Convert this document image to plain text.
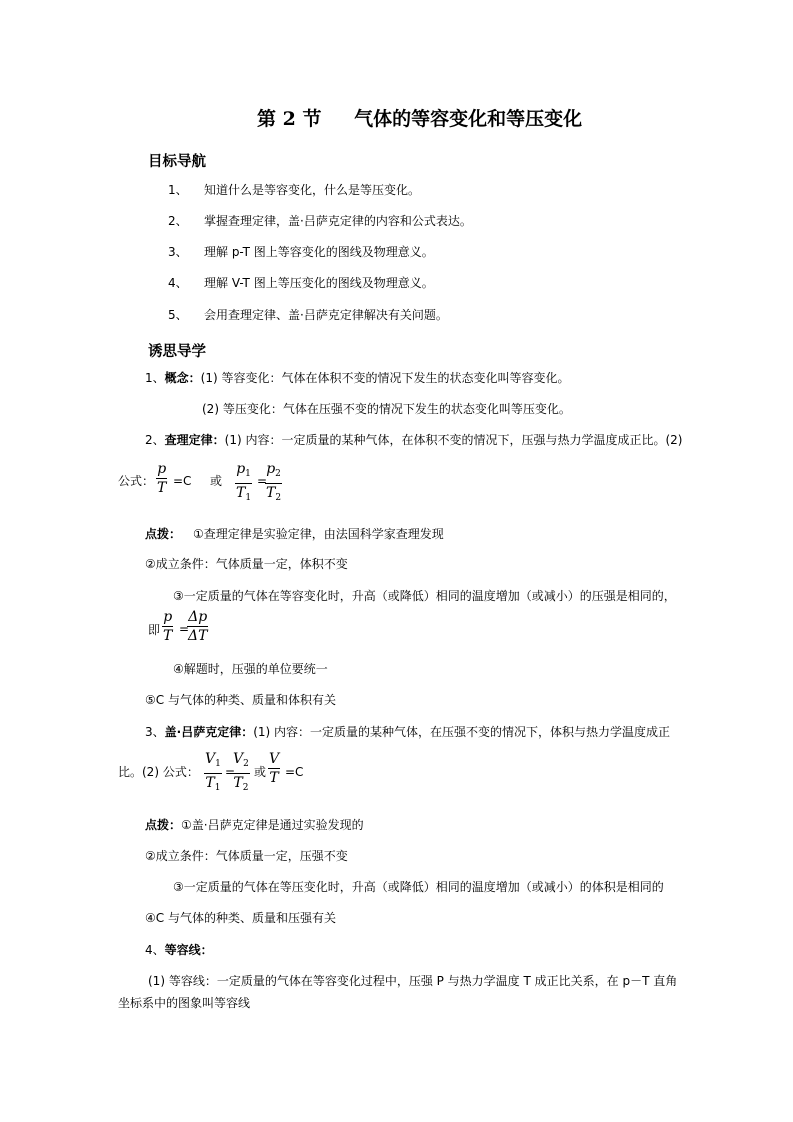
第 2 节 气体的等容变化和等压变化
目标导航
1、 知道什么是等容变化，什么是等压变化。
2、 掌握查理定律，盖·吕萨克定律的内容和公式表达。
3、 理解 p-T 图上等容变化的图线及物理意义。
4、 理解 V-T 图上等压变化的图线及物理意义。
5、 会用查理定律、盖·吕萨克定律解决有关问题。
诱思导学
1、概念：(1) 等容变化：气体在体积不变的情况下发生的状态变化叫等容变化。
(2) 等压变化：气体在压强不变的情况下发生的状态变化叫等压变化。
2、查理定律：(1) 内容：一定质量的某种气体，在体积不变的情况下，压强与热力学温度成正比。(2)
公式：
p
T =C 或
$p_1$
$T_1$
=
$p_2$
$T_2$
点拨： ①查理定律是实验定律，由法国科学家查理发现
②成立条件：气体质量一定，体积不变
③一定质量的气体在等容变化时，升高（或降低）相同的温度增加（或减小）的压强是相同的，
即
p
T =
Δp
ΔT
④解题时，压强的单位要统一
⑤C 与气体的种类、质量和体积有关
3、盖·吕萨克定律：(1) 内容：一定质量的某种气体，在压强不变的情况下，体积与热力学温度成正
比。(2) 公式：
$V_1$
$T_1$
=
$V_2$
$T_2$
或
V
T =C
点拨：①盖·吕萨克定律是通过实验发现的
②成立条件：气体质量一定，压强不变
③一定质量的气体在等压变化时，升高（或降低）相同的温度增加（或减小）的体积是相同的
④C 与气体的种类、质量和压强有关
4、等容线：
(1) 等容线：一定质量的气体在等容变化过程中，压强 P 与热力学温度 T 成正比关系，在 p－T 直角
坐标系中的图象叫等容线
